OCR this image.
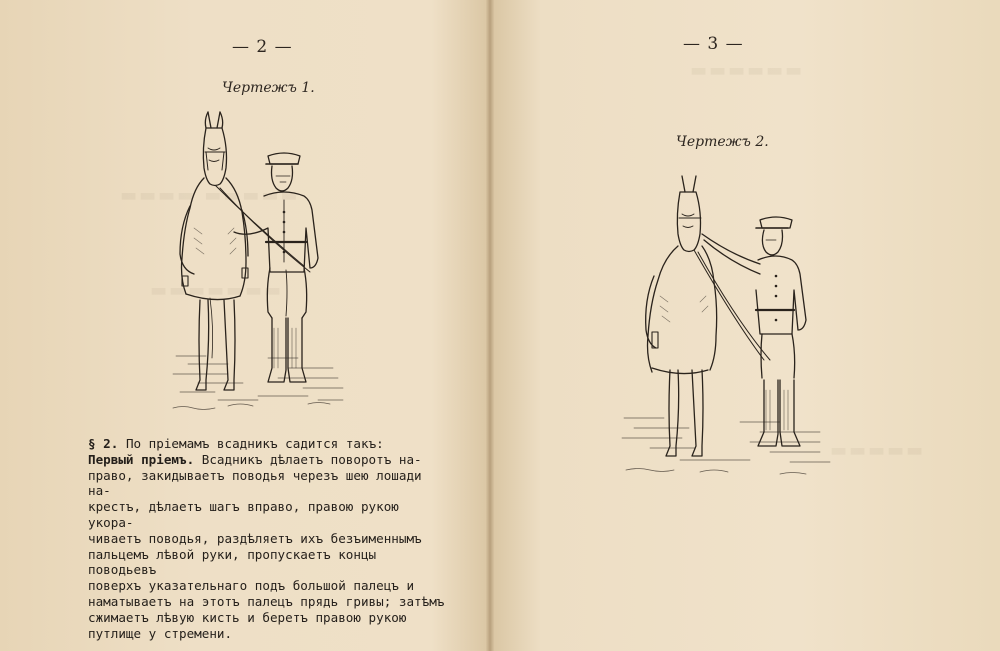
▬▬▬▬ ▬▬▬▬▬
▬▬▬▬▬▬▬
— 2 —
Чертежъ 1.

§ 2. По пріемамъ всадникъ садится такъ:

Первый пріемъ. Всадникъ дѣлаетъ поворотъ на-

право, закидываетъ поводья черезъ шею лошади на-

крестъ, дѣлаетъ шагъ вправо, правою рукою укора-

чиваетъ поводья, раздѣляетъ ихъ безъименнымъ

пальцемъ лѣвой руки, пропускаетъ концы поводьевъ

поверхъ указательнаго подъ большой палецъ и

наматываетъ на этотъ палецъ прядь гривы; затѣмъ

сжимаетъ лѣвую кисть и беретъ правою рукою

путлище у стремени.

▬▬▬▬▬▬
▬▬▬▬▬
— 3 —
Чертежъ 2.
